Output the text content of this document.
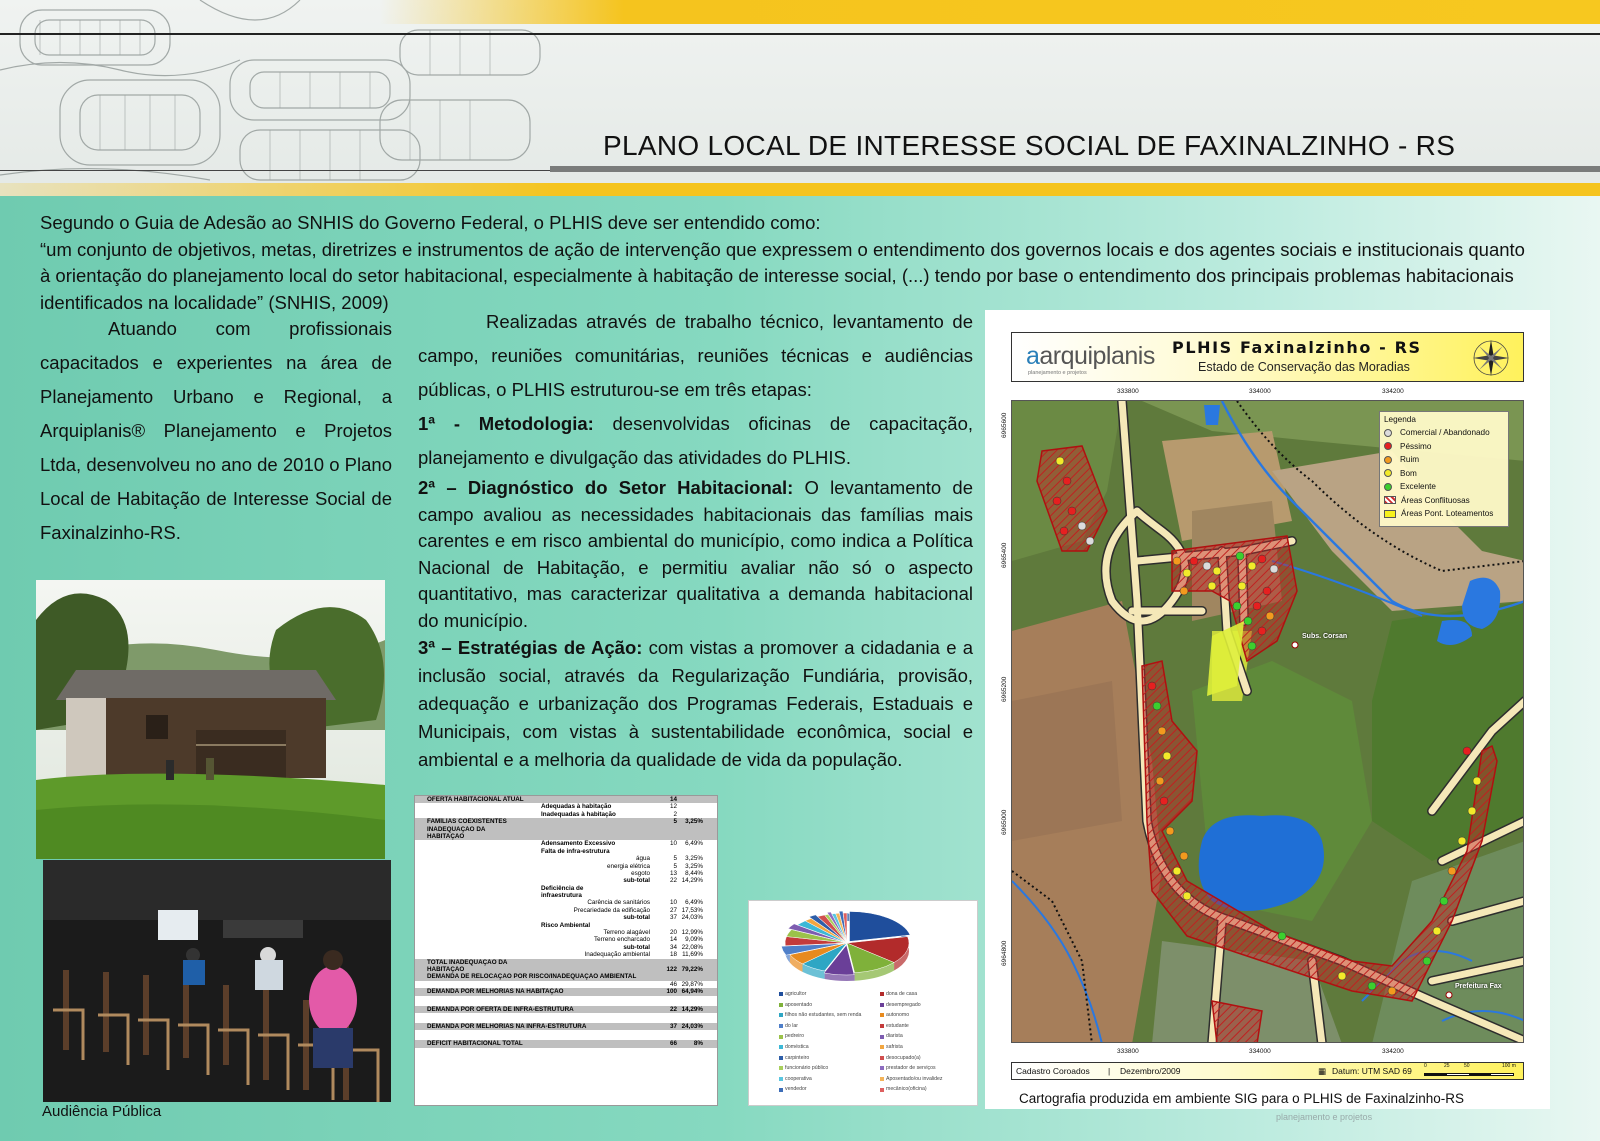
PLANO LOCAL DE INTERESSE SOCIAL DE FAXINALZINHO - RS
Segundo o Guia de Adesão ao SNHIS do Governo Federal, o PLHIS deve ser entendido como:
“um conjunto de objetivos, metas, diretrizes e instrumentos de ação de intervenção que expressem o entendimento dos governos locais e dos agentes sociais e institucionais quanto à orientação do planejamento local do setor habitacional, especialmente à habitação de interesse social, (...) tendo por base o entendimento dos principais problemas habitacionais identificados na localidade” (SNHIS, 2009)
Atuando com profissionais capacitados e experientes na área de Planejamento Urbano e Regional, a Arquiplanis® Planejamento e Projetos Ltda, desenvolveu no ano de 2010 o Plano Local de Habitação de Interesse Social de Faxinalzinho-RS.

Realizadas através de trabalho técnico, levantamento de campo, reuniões comunitárias, reuniões técnicas e audiências públicas, o PLHIS estruturou-se em três etapas:

1ª - Metodologia: desenvolvidas oficinas de capacitação, planejamento e divulgação das atividades do PLHIS.

2ª – Diagnóstico do Setor Habitacional: O levantamento de campo avaliou as necessidades habitacionais das famílias mais carentes e em risco ambiental do município, como indica a Política Nacional de Habitação, e permitiu avaliar não só o aspecto quantitativo, mas caracterizar qualitativa a demanda habitacional do município.

3ª – Estratégias de Ação: com vistas a promover a cidadania e a inclusão social, através da Regularização Fundiária, provisão, adequação e urbanização dos Programas Federais, Estaduais e Municipais, com vistas à sustentabilidade econômica, social e ambiental e a melhoria da qualidade de vida da população.

Audiência Pública
OFERTA HABITACIONAL ATUAL	14
Adequadas à habitação	12
Inadequadas à habitação	2
FAMÍLIAS COEXISTENTES	5	3,25%
INADEQUAÇÃO DA
HABITAÇÃO
Adensamento Excessivo	10	6,49%
Falta de infra-estrutura
água	5	3,25%
energia elétrica	5	3,25%
esgoto	13	8,44%
sub-total	22 14,29%
Deficiência de
infraestrutura
Carência de sanitários	10	6,49%
Precariedade da edificação	27 17,53%
sub-total	37 24,03%
Risco Ambiental
Terreno alagável	20 12,99%
Terreno encharcado	14	9,09%
sub-total	34 22,08%
Inadequação ambiental	18 11,69%
TOTAL INADEQUAÇÃO DA
HABITAÇÃO	122 79,22%
DEMANDA DE RELOCAÇÃO POR RISCO/INADEQUAÇÃO AMBIENTAL
46 29,87%
DEMANDA POR MELHORIAS NA HABITAÇÃO	100 64,94%
DEMANDA POR OFERTA DE INFRA-ESTRUTURA	22 14,29%
DEMANDA POR MELHORIAS NA INFRA-ESTRUTURA	37 24,03%
DÉFICIT HABITACIONAL TOTAL	66	8%
agricultor	dona de casa
aposentado	desempregado
filhos não estudantes, sem renda	autonomo
do lar	estudante
pedreiro	diarista
doméstica	safrista
carpinteiro	desocupado(a)
funcionário público	prestador de serviços
cooperativa	Aposentado/ou invalidez
vendedor	mecânico(oficina)
aarquiplanis
planejamento e projetos
PLHIS Faxinalzinho - RS
Estado de Conservação das Moradias
333800	334000	334200
333800	334000	334200
6965600
6965400
6965200
6965000
6964800
Subs. Corsan
Prefeitura Fax
Legenda
Comercial / Abandonado
Péssimo
Ruim
Bom
Excelente
Áreas Conflituosas
Áreas Pont. Loteamentos
Cadastro Coroados | Dezembro/2009	▦ Datum: UTM SAD 69 0	25	50	100 m
Cartografia produzida em ambiente SIG para o PLHIS de Faxinalzinho-RS
planejamento e projetos
